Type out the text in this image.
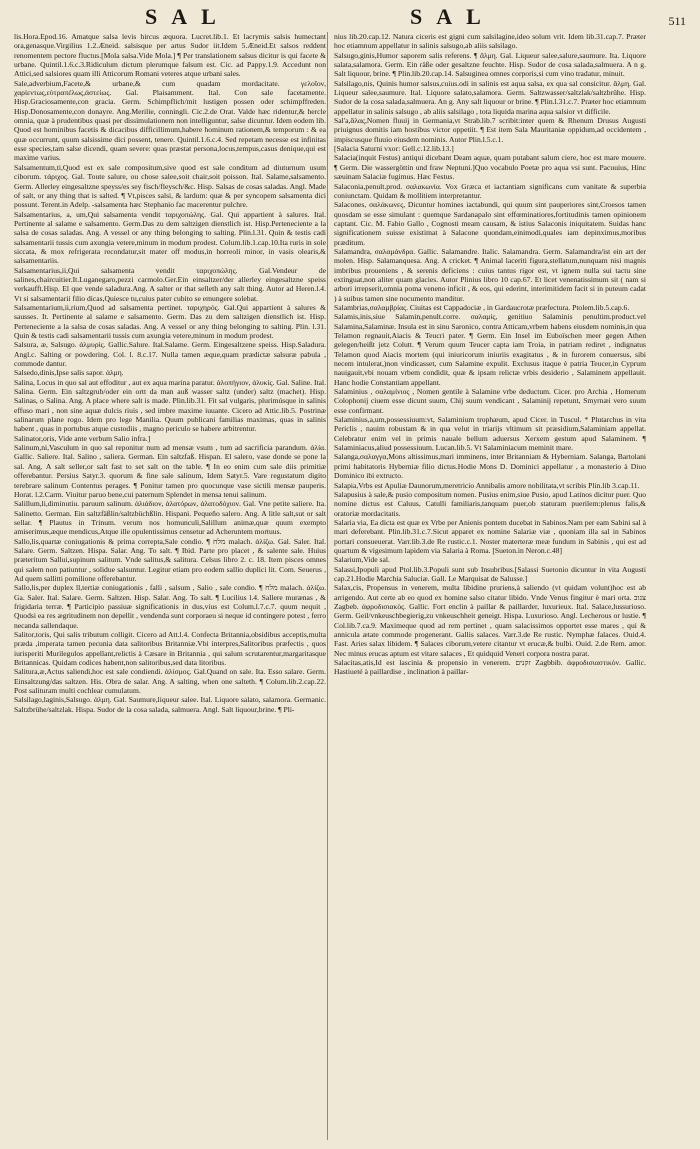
SAL	SAL	511

lis.Hora.Epod.16. Amatque salsa levis hircus æquora. Lucret.lib.1. Et lacrymis salsis humectant ora,genasque.Virgilius 1.2.Æneid. salsisque per artus Sudor iit.Idem 5.Æneid.Et salsos reddent renomentem pectore fluctus.[Mola salsa.Vide Mola.] ¶ Per translationem salsus dicitur is qui facete & urbane. Quintil.1.6.c.3.Ridiculum dictum plerumque falsum est. Cic. ad Pappy.1.9. Accedunt non Attici,sed salsiores quam illi Atticorum Romani veteres atque urbani sales.

Sale,adverbium,Facete,& urbane,& cum quadam mordacitate. γελοῖον, χαρίεντως,εὐτραπέλως,ἀστείως. Gal. Plaisamment. Ital. Con sale facetamente. Hisp.Graciosamente,con gracia. Germ. Schimpflich/mit lustigen possen oder schimpffreden. Hisp.Donosamente,con donayre. Ang.Merilie, conningli. Cic.2.de Orat. Valde hæc ridentur,& hercle omnia, quæ à prudentibus quasi per dissimulationem non intelliguntur, salse dicuntur. Idem eodem lib. Quod est hominibus facetis & dicacibus difficillimum,habere hominum rationem,& temporum : & ea quæ occurrunt, quum salsissime dici possent, tenere. Quintil.1.6.c.4. Sed repetam necesse est infinitas esse species,tam salse dicendi, quam severe: quas præstat persona,locus,tempus,casus denique,qui est maxime varius.

Salsamentum,ti,Quod est ex sale compositum,sive quod est sale conditum ad diuturnum usum ciborum. τάριχος. Gal. Toute salure, ou chose salee,soit chair,soit poisson. Ital. Salame,salsamento. Germ. Allerley eingesaltzne speyss/es sey fisch/fleysch/&c. Hisp. Salsas de cosas saladas. Angl. Made of salt, or any thing that is salted. ¶ Vt,pisces salsi, & lardum: quæ & per syncopem salsamenta dici possunt. Terent.in Adelp. -salsamenta hæc Stephanio fac macerentur pulchre.

Salsamentarius, a, um,Qui salsamenta vendit ταριχοπώλης. Gal. Qui appartient à salures. Ital. Pertinente al salame e salsamento. Germ.Das zu dem saltzigen dienstlich ist. Hisp.Perteneciente a la salsa de cosas saladas. Ang. A vessel or any thing belonging to salting. Plin.l.31. Quin & testis cadi salsamentarii tussis cum axungia vetere,minum in modum prodest. Colum.lib.1.cap.10.Ita ruris in sole siccata, & mox refrigerata recondatur,sit mater off modus,in horreoli minor, in vasis olearis,& salsamentariis.

Salsamentarius,ii,Qui salsamenta vendit ταριχοπώλης. Gal.Vendeur de salines,chaircuitier.It.Luganegaro,pezzi carmolo.Ger.Ein einsaltzer/der allerley eingesaltzne speiss verkaufft.Hisp. El que vende saladura.Ang. A salter or that selleth any salt thing. Autor ad Heren.l.4. Vt si salsamentarii filio dicas,Quiesce tu,cuius pater cubito se emungere solebat.

Salsamentarium,ii,rium,Quod ad salsamenta pertinet. ταριχηρός. Gal.Qui appartient à salures & sausses. It. Pertinente al salame e salsamento. Germ. Das zu dem saltzigen dienstlich ist. Hisp. Perteneciente a la salsa de cosas saladas. Ang. A vessel or any thing belonging to salting. Plin. l.31. Quin & testis cadi salsamentarii tussis cum axungia vetere,minum in modum prodest.

Salsura, æ, Salsugo. ἁλμυρίς. Gallic.Salure. Ital.Salame. Germ. Eingesaltzene speiss. Hisp.Saladura. Angl.c. Salting or powdering. Col. l. 8.c.17. Nulla tamen æque,quam prædictæ salsuræ pabula , commode dantur.

Salsedo,dinis,Ipse salis sapor. ἁλμη.

Salina, Locus in quo sal aut effoditur , aut ex aqua marina paratur. ἁλοπήγιον, ἁλυκίς. Gal. Saline. Ital. Salina. Germ. Ein saltzgrub/oder ein ortt da man auß wasser saltz (under) saltz (machet). Hisp. Salinas, o Salina. Ang. A place where salt is made. Plin.lib.31. Fit sal vulgaris, plurimúsque in salinis effuso mari , non sine aquæ dulcis riuis , sed imbre maxime iuuante. Cicero ad Attic.lib.5. Postrinæ salinarum plane rogo. Idem pro lege Manilia. Quum publicani familias maximas, quas in salinis habent , quas in portubus atque custodiis , magno periculo se habere arbitrentur.

Salinator,oris, Vide ante verbum Salio infra.]

Salinum,ni,Vasculum in quo sal reponitur num ad mensæ vsum , tum ad sacrificia parandum. ἁλία. Gallic. Saliere. Ital. Salino , saliera. German. Ein saltzfaß. Hispan. El salero, vase donde se pone la sal. Ang. A salt seller,or salt fast to set salt on the table. ¶ In eo enim cum sale diis primitiæ offerebantur. Persius Satyr.3. quorum & fine sale salinum, Idem Satyr.5. Vare regustatum digito terebrare salinum Contentus perages. ¶ Ponitur tamen pro quocunque vase sictili mensæ pauperis. Horat. l.2.Carm. Viuitur paruo bene,cui paternum Splendet in mensa tenui salinum.

Salillum,li,diminutiu. paruum salinum. ἁλιάδιον, ἁλατόρων, ἁλατοδόχιον. Gal. Vne petite saliere. Ita. Salinetto. German. Ein saltzfäßlin/saltzbüchßlin. Hispani. Pequeño salero. Ang. A litle salt,sut or salt sellar. ¶ Plautus in Trinum. verum nos homunculi,Salillum animæ,quæ quum exempto amiserimus,æque mendicus,Atque ille opulentissimus censetur ad Acheruntem mortuus.

Sallo,lis,quartæ coniugationis & prima correpta,Sale condio. ¶ מלח malach. ἁλίζω. Gal. Saler. Ital. Salare. Germ. Saltzen. Hispa. Salar. Ang. To salt. ¶ Ibid. Parte pro placet , & salente sale. Huius præteritum Sallui,supinum salitum. Vnde salitus,& salitura. Celsus libro 2. c. 18. Item pisces omnes qui salem non patiuntur , solidue salsuntur. Legitur etiam pro eodem sallio duplici lit. Com. Seuerus , Ad quem sallitti pomilione offerebantur.

Sallo,lis,per duplex ll,tertiæ coniugationis , falli , salsum , Salio , sale condio. ¶ מלח malach. ἁλίζω. Ga. Saler. Ital. Salare. Germ. Saltzen. Hisp. Salar. Ang. To salt. ¶ Lucilius l.4. Sallere murænas , & frigidaria terræ. ¶ Participio passiuæ significationis in dus,vius est Colum.l.7.c.7. quum nequit , Quodsi ea res ægritudinem non depellit , vendenda sunt corporaeu si neque id contingere potest , ferro necanda sallendaque.

Salitor,toris, Qui salis tributum colligit. Cicero ad Att.l.4. Confecta Britannia,obsidibus acceptis,multa præda ,imperata tamen pecunia data salitoribus Britanniæ.Vbi interpres,Salitoribus præfectis , quos iurisperiti Murilegulos appellant,relictis à Cæsare in Britannia , qui salum scrutarentur,margaritasque Britannicas. Quidam codices habent,non salitoribus,sed data litoribus.

Salitura,æ,Actus saliendi,hoc est sale condiendi. ἁλίσμος. Gal.Quand on sale. Ita. Esso salare. Germ. Einsaltzung/das saltzen. His. Obra de salar. Ang. A salting, when one salteth. ¶ Colum.lib.2.cap.22. Post salituram multi cochlear cumulatum.

Salsilago,laginis,Salsugo. ἁλμη. Gal. Saumure,liqueur salee. Ital. Liquore salato, salamora. Germanic. Saltzbrühe/saltzlak. Hispa. Sudor de la cosa salada, salmuera. Angl. Salt liquour,brine. ¶ Pli-

nius lib.20.cap.12. Natura ciceris est gigni cum salsilagine,ideo solum vrit. Idem lib.31.cap.7. Præter hoc etiamnum appellatur in salinis salsugo,ab aliis salsilago.

Salsugo,ginis,Humor saporem salis referens. ¶ ἅλμη. Gal. Liqueur salee,salure,saumure. Ita. Liquore salata,salamora. Germ. Ein räße oder gesaltzne feuchte. Hisp. Sudor de cosa salada,salmuera. A n g. Salt liquour, brine. ¶ Plin.lib.20.cap.14. Salsuginea omnes corporis,si cum vino tradatur, minuit.

Salsilago,nis, Quinis humor salsus,cuius.odi in salinis est aqua salsa, ex qua sal consicitur. ἅλμη. Gal. Liqueur salee,saumure. Ital. Liquore salato,salamora. Germ. Saltzwasser/saltzlak/saltzbrühe. Hisp. Sudor de la cosa salada,salmuera. An g. Any salt liquour or brine. ¶ Plin.l.31.c.7. Præter hoc etiamnum appellatur in salinis salsugo , ab aliis salsilago , tota liquida marina aqua salsior vt difficile.

Sal'a,ἅλας,Nomen fluuij in Germania,vt Strab.lib.7 scribit:inter quem & Rhenum Drusus Augusti priuignus domitis iam hostibus victor oppetiit. ¶ Est item Sala Mauritaniæ oppidum,ad occidentem , impiscusque fluuio eiusdem nominis. Autor Plin.l.5.c.1.

[Salacia Saturni vxor: Gell.c.12.lib.13.]

Salacia(inquit Festus) antiqui dicebant Deam aquæ, quam putabant salum ciere, hoc est mare mouere. ¶ Germ. Die wassergöttin und fraw Neptuni.]Quo vocabulo Poetæ pro aqua vsi sunt. Pacuuius, Hinc sæuinam Salaciæ fugimus. Hæc Festus.

Salaconia,penult.prod. σαλακωνία. Vox Græca et iactantiam significans cum vanitate & superbia coniunctam. Quidam & mollitiem interpretantur.

Salacones, σαλάκωνες, Dicuntur homines iactabundi, qui quum sint pauperiores sint,Croesos tamen quosdam se esse simulant : quemque Sardanapalo sint effœminatiores,fortitudinis tamen opinionem captant. Cic. M. Fabio Gallo , Cognosti meam causam, & istius Salaconis iniquitatem. Suidas hanc significationem suisse existimat à Salacone quondam,einimodi,quales iam depinximus,moribus præditum.

Salamandra, σαλαμάνδρα. Gallic. Salamandre. Italic. Salamandra. Germ. Salamandra/ist ein art der molen. Hisp. Salamanquesa. Ang. A cricket. ¶ Animal laceriti figura,stellatum,nunquam nisi magnis imbribus proueniens , & serenis deficiens : cuius tantus rigor est, vt ignem nulla sui tactu sine extinguat,non aliter quam glacies. Autor Plinius libro 10 cap.67. Et licet venenatissimum sit ( nam si arbori irrepserit,omnia poma veneno inficit , & eos, qui ederint, interimitidem facit si in puteum cadat ) à suibus tamen sine nocumento manditur.

Salambrias,σαλαμβρίας. Ciuitas est Cappadociæ , in Gardaucrotæ præfectura. Ptolem.lib.5.cap.6.

Salamis,inis,siue Salamin,penult.corre. σαλαμίς, genitiuo Salaminis penultim.product.vel Salamina,Salaminæ. Insula est in sinu Saronico, contra Atticam,vrbem habens eiusdem nominis,in qua Telamon regnauit,Aiacis & Teucri pater. ¶ Germ. Ein Insel im Euboïschen meer gegen Athen gelegen/heißt jetz Colutt. ¶ Verum quum Teucer capta iam Troia, in patriam rediret , indignatus Telamon quod Aiacis mortem (qui iniuricorum iniuriis exagitatus , & in furorem conuersus, sibi necem intulerat,)non vindicasset, cum Salamine expulit. Exclusus itaque è patria Teucer,in Cyprum nauigauit,vbi nouam vrbem condidit, quæ & ipsam relictæ vrbis desiderio , Salaminem appellauit. Hanc hodie Constantiam appellant.

Salaminius , σαλαμίνιος , Nomen gentile à Salamine vrbe deductum. Cicer. pro Archia , Homerum Colophonij ciuem esse dicunt suum, Chij suum vendicant , Salaminij repetunt, Smyrnæi vero suum esse confirmant.

Salaminius,a,um,possessiuum:vt, Salaminium trophæum, apud Cicer. in Tuscul. * Plutarchus in vita Periclis , nauim robustam & in qua velut in triarijs vltimum sit præsidium,Salaminiam appellat. Celebratur enim vel in primis nauale bellum aduersus Xerxem gestum apud Salaminem. ¶ Salaminiacus,aliud possessiuum. Lucan.lib.5. Vt Salaminiacum meminit mare.

Salanga,σαλαγγα,Mons altissimus,mari imminens, inter Britanniam & Hyberniam. Salanga, Bartolani primi habitatoris Hyberniæ filio dictus.Hodie Mons D. Dominici appellatur , a monasterio à Diuo Dominico ibi extructo.

Salapia,Vrbs est Apuliæ Daunorum,meretricio Annibalis amore nobilitata,vt scribis Plin.lib 3.cap.11.

Salapusius à sale,& pusio compositum nomen. Pusius enim,siue Pusio, apud Latinos dicitur puer. Quo nomine dictus est Caluus, Catulli familiaris,tanquam puer,ob staturam puerilem:plenus falis,& oratoriæ mordacitatis.

Salaria via, Ea dicta est quæ ex Vrbe per Anienis pontem ducebat in Sabinos.Nam per eam Sabini sal à mari deferebant. Plin.lib.31.c.7.Sicut apparet ex nomine Salariæ viæ , quoniam illa sal in Sabinos portari consueuerat. Varr.lib.3.de Re rustic.c.1. Noster materteræ meæ fundum in Sabinis , qui est ad quartum & vigesimum lapidem via Salaria à Roma. [Sueton.in Neron.c.48]

Salarium,Vide sal.

Salassi,Ipopuli apud Ptol.lib.3.Populi sunt sub Insubribus.[Salassi Suetonio dicuntur in vita Augusti cap.21.Hodie Marchia Saluciæ. Gall. Le Marquisat de Salusse.]

Salax,cis, Propensus in venerem, multa libidine pruriens,à saliendo (vt quidam volunt)hoc est ab arrigendo. Aut certe ab eo quod ex homine salso citatur libido. Vnde Venus fingitur è mari orta. צגוב Zagbeb. ἀφροδισιακὸς. Gallic. Fort enclin à paillar & paillarder, luxurieux. Ital. Salace,lussurioso. Germ. Geil/vnkeuschbegierig,zu vnkeuschheit geneigt. Hispa. Luxurioso. Angl. Lecherous or lustie. ¶ Col.lib.7.ca.9. Maximeque quod ad rem pertinet , quam salacissimos opportet esse mares , qui & annicula ætate commode progenerant. Gallis salaces. Varr.3.de Re rustic. Nymphæ falaces. Ouid.4. Fast. Aries salax libidem. ¶ Salaces ciborum,vetere citantur vt erucæ,& bulbi. Ouid. 2.de Rem. amor. Nec minus erucas aptum est vitare salaces , Et quidquid Veneri corpora nostra parat.

Salacitas,atis,Id est lascinia & propensio in venerem. זקנים Zagbbib. ἀφροδισιαστικὸν. Gallic. Hastiueté à paillardise , inclination à paillar-
